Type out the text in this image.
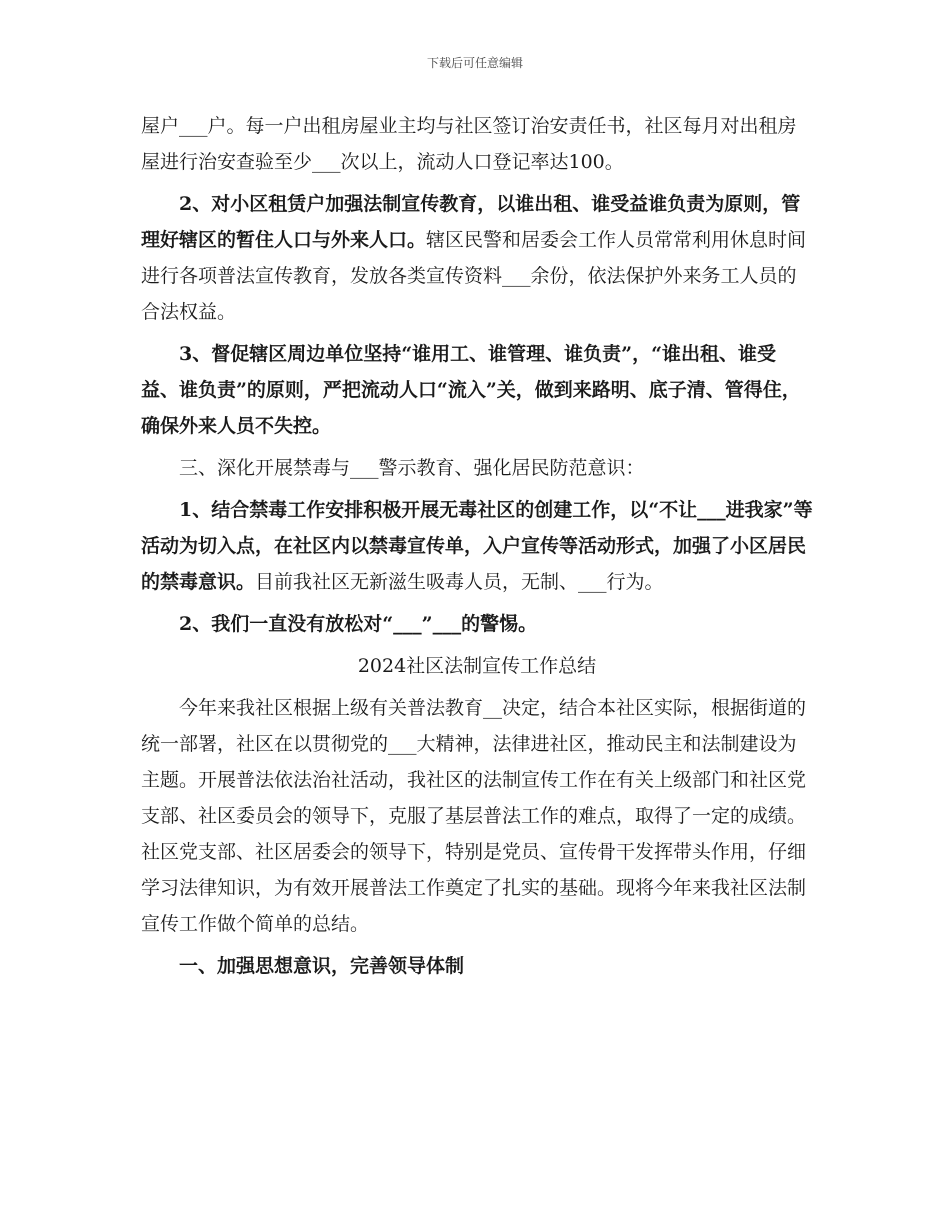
下载后可任意编辑

屋户___户。每一户出租房屋业主均与社区签订治安责任书，社区每月对出租房屋进行治安查验至少___次以上，流动人口登记率达100。

2、对小区租赁户加强法制宣传教育，以谁出租、谁受益谁负责为原则，管理好辖区的暂住人口与外来人口。辖区民警和居委会工作人员常常利用休息时间进行各项普法宣传教育，发放各类宣传资料___余份，依法保护外来务工人员的合法权益。

3、督促辖区周边单位坚持“谁用工、谁管理、谁负责”，“谁出租、谁受益、谁负责”的原则，严把流动人口“流入”关，做到来路明、底子清、管得住，确保外来人员不失控。

三、深化开展禁毒与___警示教育、强化居民防范意识：

1、结合禁毒工作安排积极开展无毒社区的创建工作，以“不让___进我家”等活动为切入点，在社区内以禁毒宣传单，入户宣传等活动形式，加强了小区居民的禁毒意识。目前我社区无新滋生吸毒人员，无制、___行为。

2、我们一直没有放松对“___”___的警惕。

2024社区法制宣传工作总结

今年来我社区根据上级有关普法教育__决定，结合本社区实际，根据街道的统一部署，社区在以贯彻党的___大精神，法律进社区，推动民主和法制建设为主题。开展普法依法治社活动，我社区的法制宣传工作在有关上级部门和社区党支部、社区委员会的领导下，克服了基层普法工作的难点，取得了一定的成绩。社区党支部、社区居委会的领导下，特别是党员、宣传骨干发挥带头作用，仔细学习法律知识，为有效开展普法工作奠定了扎实的基础。现将今年来我社区法制宣传工作做个简单的总结。

一、加强思想意识，完善领导体制
